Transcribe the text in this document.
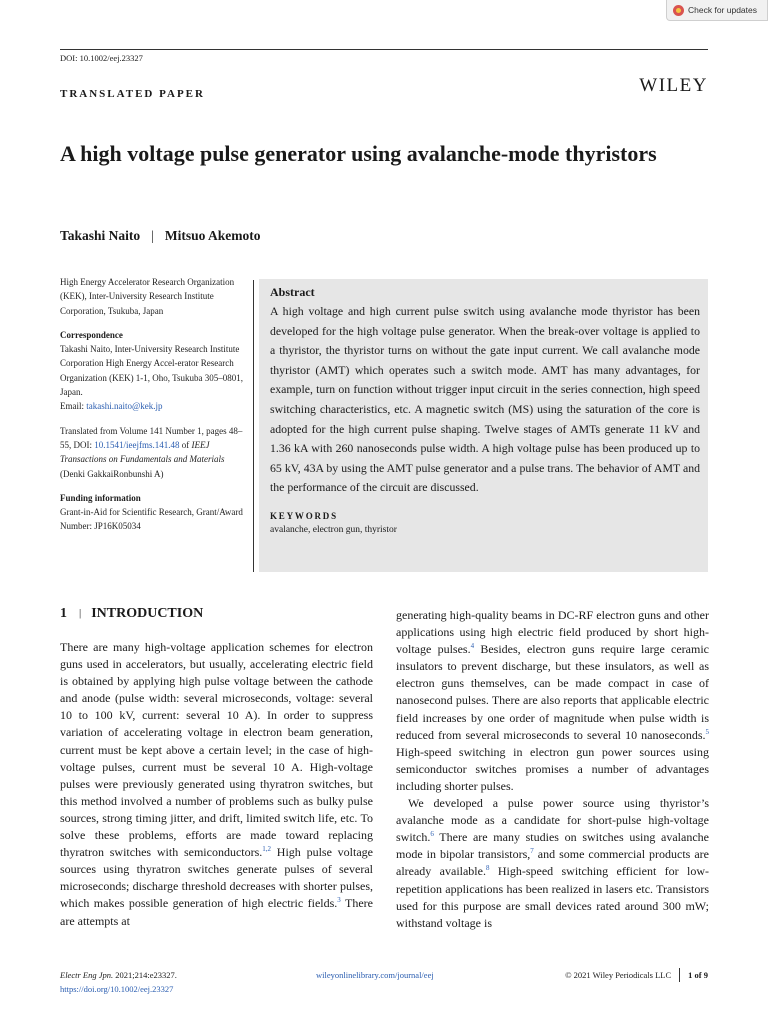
Check for updates
DOI: 10.1002/eej.23327
TRANSLATED PAPER	WILEY
A high voltage pulse generator using avalanche-mode thyristors
Takashi Naito | Mitsuo Akemoto

High Energy Accelerator Research Organization (KEK), Inter-University Research Institute Corporation, Tsukuba, Japan

Correspondence

Takashi Naito, Inter-University Research Institute Corporation High Energy Accel-erator Research Organization (KEK) 1-1, Oho, Tsukuba 305–0801, Japan.

Email: takashi.naito@kek.jp

Translated from Volume 141 Number 1, pages 48–55, DOI: 10.1541/ieejfms.141.48 of IEEJ Transactions on Fundamentals and Materials (Denki GakkaiRonbunshi A)

Funding information

Grant-in-Aid for Scientific Research, Grant/Award Number: JP16K05034

Abstract

A high voltage and high current pulse switch using avalanche mode thyristor has been developed for the high voltage pulse generator. When the break-over voltage is applied to a thyristor, the thyristor turns on without the gate input current. We call avalanche mode thyristor (AMT) which operates such a switch mode. AMT has many advantages, for example, turn on function without trigger input circuit in the series connection, high speed switching characteristics, etc. A magnetic switch (MS) using the saturation of the core is adopted for the high current pulse shaping. Twelve stages of AMTs generate 11 kV and 1.36 kA with 260 nanoseconds pulse width. A high voltage pulse has been produced up to 65 kV, 43A by using the AMT pulse generator and a pulse trans. The behavior of AMT and the performance of the circuit are discussed.

KEYWORDS
avalanche, electron gun, thyristor
1 | INTRODUCTION

There are many high-voltage application schemes for electron guns used in accelerators, but usually, accelerating electric field is obtained by applying high pulse voltage between the cathode and anode (pulse width: several microseconds, voltage: several 10 to 100 kV, current: several 10 A). In order to suppress variation of accelerating voltage in electron beam generation, current must be kept above a certain level; in the case of high-voltage pulses, current must be several 10 A. High-voltage pulses were previously generated using thyratron switches, but this method involved a number of problems such as bulky pulse sources, strong timing jitter, and drift, limited switch life, etc. To solve these problems, efforts are made toward replacing thyratron switches with semiconductors.$^{1,2}$ High pulse voltage sources using thyratron switches generate pulses of several microseconds; discharge threshold decreases with shorter pulses, which makes possible generation of high electric fields.$^3$ There are attempts at

generating high-quality beams in DC-RF electron guns and other applications using high electric field produced by short high-voltage pulses.$^4$ Besides, electron guns require large ceramic insulators to prevent discharge, but these insulators, as well as electron guns themselves, can be made compact in case of nanosecond pulses. There are also reports that applicable electric field increases by one order of magnitude when pulse width is reduced from several microseconds to several 10 nanoseconds.$^5$ High-speed switching in electron gun power sources using semiconductor switches promises a number of advantages including shorter pulses.

We developed a pulse power source using thyristor’s avalanche mode as a candidate for short-pulse high-voltage switch.$^6$ There are many studies on switches using avalanche mode in bipolar transistors,$^7$ and some commercial products are already available.$^8$ High-speed switching efficient for low-repetition applications has been realized in lasers etc. Transistors used for this purpose are small devices rated around 300 mW; withstand voltage is

Electr Eng Jpn. 2021;214:e23327.
https://doi.org/10.1002/eej.23327
wileyonlinelibrary.com/journal/eej	© 2021 Wiley Periodicals LLC	1 of 9
